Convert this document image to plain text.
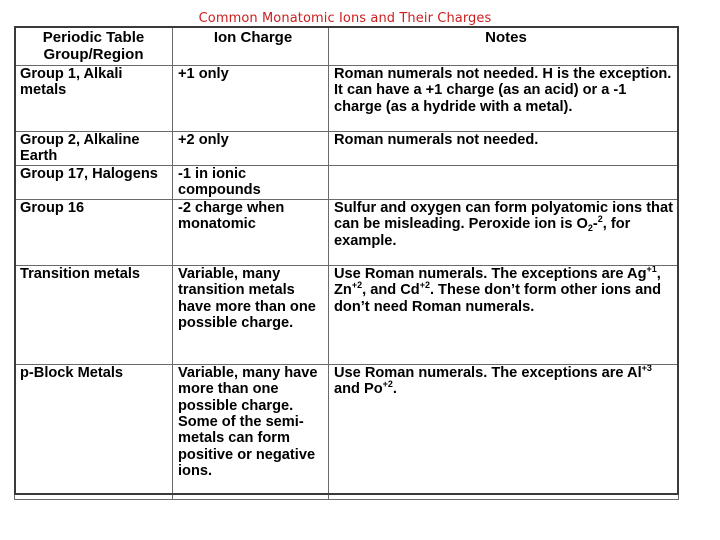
Common Monatomic Ions and Their Charges
Periodic Table Group/Region	Ion Charge	Notes
Group 1, Alkali metals	+1 only	Roman numerals not needed. H is the exception. It can have a +1 charge (as an acid) or a -1 charge (as a hydride with a metal).
Group 2, Alkaline Earth	+2 only	Roman numerals not needed.
Group 17, Halogens	-1 in ionic compounds	
Group 16	-2 charge when monatomic	Sulfur and oxygen can form polyatomic ions that can be misleading. Peroxide ion is $O_2-^2$, for example.
Transition metals	Variable, many transition metals have more than one possible charge.	Use Roman numerals. The exceptions are $Ag^{+1}$, $Zn^{+2}$, and $Cd^{+2}$. These don’t form other ions and don’t need Roman numerals.
p-Block Metals	Variable, many have more than one possible charge. Some of the semi-metals can form positive or negative ions.	Use Roman numerals. The exceptions are $Al^{+3}$ and $Po^{+2}$.
